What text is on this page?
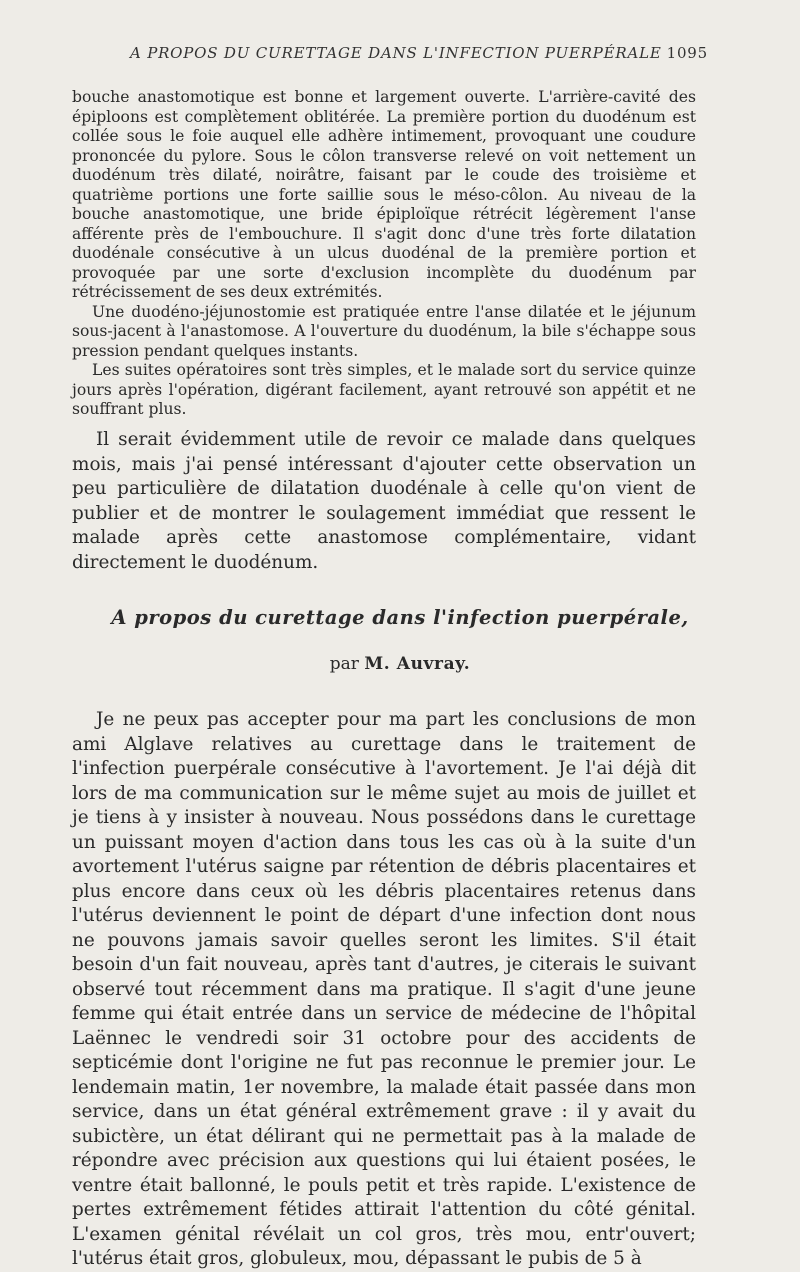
A PROPOS DU CURETTAGE DANS L'INFECTION PUERPÉRALE 1095

bouche anastomotique est bonne et largement ouverte. L'arrière-cavité des épiploons est complètement oblitérée. La première portion du duodénum est collée sous le foie auquel elle adhère intimement, provoquant une coudure prononcée du pylore. Sous le côlon transverse relevé on voit nettement un duodénum très dilaté, noirâtre, faisant par le coude des troisième et quatrième portions une forte saillie sous le méso-côlon. Au niveau de la bouche anastomotique, une bride épiploïque rétrécit légèrement l'anse afférente près de l'embouchure. Il s'agit donc d'une très forte dilatation duodénale consécutive à un ulcus duodénal de la première portion et provoquée par une sorte d'exclusion incomplète du duodénum par rétrécissement de ses deux extrémités.

Une duodéno-jéjunostomie est pratiquée entre l'anse dilatée et le jéjunum sous-jacent à l'anastomose. A l'ouverture du duodénum, la bile s'échappe sous pression pendant quelques instants.

Les suites opératoires sont très simples, et le malade sort du service quinze jours après l'opération, digérant facilement, ayant retrouvé son appétit et ne souffrant plus.

Il serait évidemment utile de revoir ce malade dans quelques mois, mais j'ai pensé intéressant d'ajouter cette observation un peu particulière de dilatation duodénale à celle qu'on vient de publier et de montrer le soulagement immédiat que ressent le malade après cette anastomose complémentaire, vidant directement le duodénum.

A propos du curettage dans l'infection puerpérale,
par M. Auvray.

Je ne peux pas accepter pour ma part les conclusions de mon ami Alglave relatives au curettage dans le traitement de l'infection puerpérale consécutive à l'avortement. Je l'ai déjà dit lors de ma communication sur le même sujet au mois de juillet et je tiens à y insister à nouveau. Nous possédons dans le curettage un puissant moyen d'action dans tous les cas où à la suite d'un avortement l'utérus saigne par rétention de débris placentaires et plus encore dans ceux où les débris placentaires retenus dans l'utérus deviennent le point de départ d'une infection dont nous ne pouvons jamais savoir quelles seront les limites. S'il était besoin d'un fait nouveau, après tant d'autres, je citerais le suivant observé tout récemment dans ma pratique. Il s'agit d'une jeune femme qui était entrée dans un service de médecine de l'hôpital Laënnec le vendredi soir 31 octobre pour des accidents de septicémie dont l'origine ne fut pas reconnue le premier jour. Le lendemain matin, 1er novembre, la malade était passée dans mon service, dans un état général extrêmement grave : il y avait du subictère, un état délirant qui ne permettait pas à la malade de répondre avec précision aux questions qui lui étaient posées, le ventre était ballonné, le pouls petit et très rapide. L'existence de pertes extrêmement fétides attirait l'attention du côté génital. L'examen génital révélait un col gros, très mou, entr'ouvert; l'utérus était gros, globuleux, mou, dépassant le pubis de 5 à
